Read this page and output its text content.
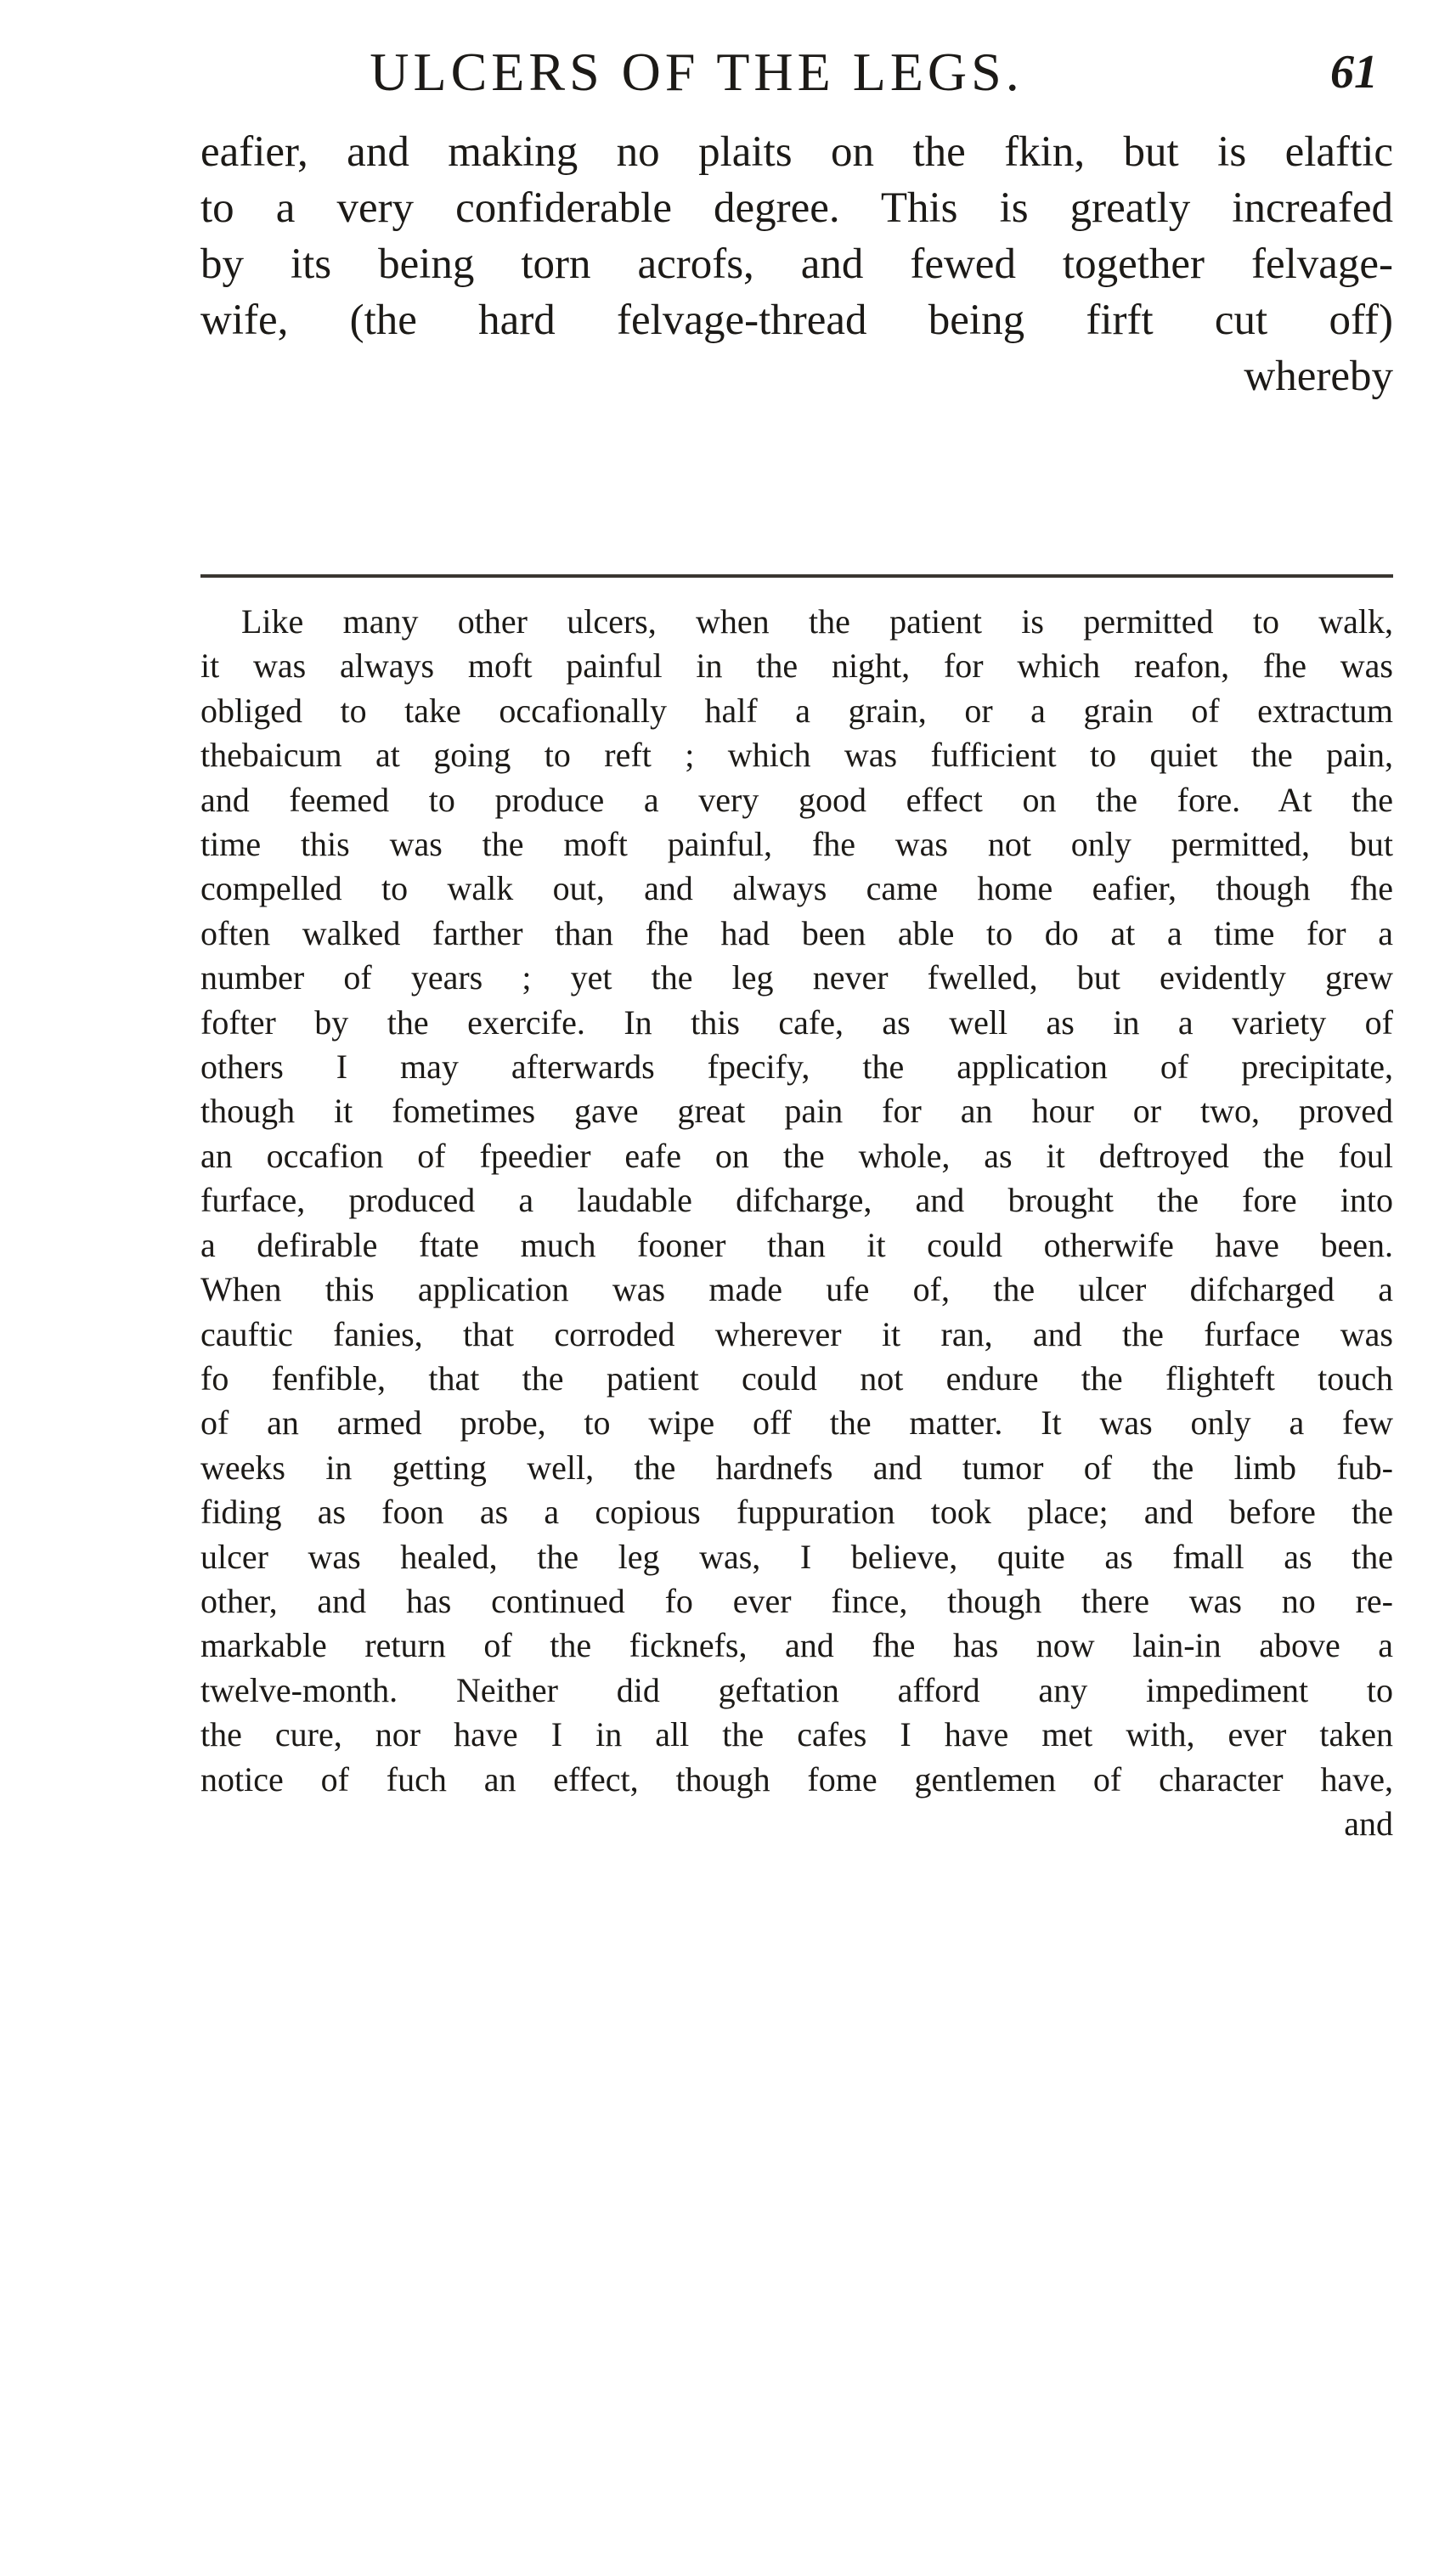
ULCERS OF THE LEGS.	61
eafier, and making no plaits on the fkin, but is elaftic
to a very confiderable degree. This is greatly increafed
by its being torn acrofs, and fewed together felvage-
wife, (the hard felvage-thread being firft cut off)
whereby
Like many other ulcers, when the patient is permitted to walk,
it was always moft painful in the night, for which reafon, fhe was
obliged to take occafionally half a grain, or a grain of extractum
thebaicum at going to reft ; which was fufficient to quiet the pain,
and feemed to produce a very good effect on the fore. At the
time this was the moft painful, fhe was not only permitted, but
compelled to walk out, and always came home eafier, though fhe
often walked farther than fhe had been able to do at a time for a
number of years ; yet the leg never fwelled, but evidently grew
fofter by the exercife. In this cafe, as well as in a variety of
others I may afterwards fpecify, the application of precipitate,
though it fometimes gave great pain for an hour or two, proved
an occafion of fpeedier eafe on the whole, as it deftroyed the foul
furface, produced a laudable difcharge, and brought the fore into
a defirable ftate much fooner than it could otherwife have been.
When this application was made ufe of, the ulcer difcharged a
cauftic fanies, that corroded wherever it ran, and the furface was
fo fenfible, that the patient could not endure the flighteft touch
of an armed probe, to wipe off the matter. It was only a few
weeks in getting well, the hardnefs and tumor of the limb fub-
fiding as foon as a copious fuppuration took place; and before the
ulcer was healed, the leg was, I believe, quite as fmall as the
other, and has continued fo ever fince, though there was no re-
markable return of the ficknefs, and fhe has now lain-in above a
twelve-month. Neither did geftation afford any impediment to
the cure, nor have I in all the cafes I have met with, ever taken
notice of fuch an effect, though fome gentlemen of character have,
and
